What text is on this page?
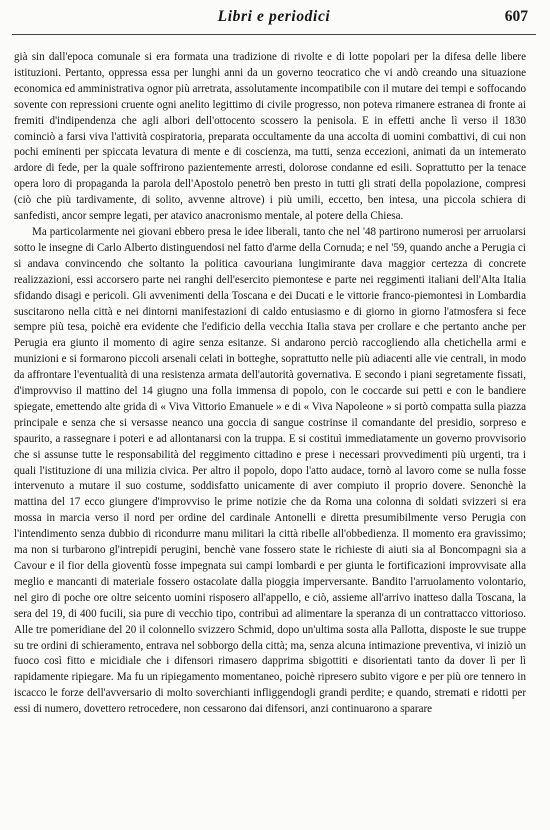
Libri e periodici	607

già sin dall'epoca comunale si era formata una tradizione di rivolte e di lotte popolari per la difesa delle libere istituzioni. Pertanto, oppressa essa per lunghi anni da un governo teocratico che vi andò creando una situazione economica ed amministrativa ognor più arretrata, assolutamente incompatibile con il mutare dei tempi e soffocando sovente con repressioni cruente ogni anelito legittimo di civile progresso, non poteva rimanere estranea di fronte ai fremiti d'indipendenza che agli albori dell'ottocento scossero la penisola. E in effetti anche lì verso il 1830 cominciò a farsi viva l'attività cospiratoria, preparata occultamente da una accolta di uomini combattivi, di cui non pochi eminenti per spiccata levatura di mente e di coscienza, ma tutti, senza eccezioni, animati da un intemerato ardore di fede, per la quale soffrirono pazientemente arresti, dolorose condanne ed esili. Soprattutto per la tenace opera loro di propaganda la parola dell'Apostolo penetrò ben presto in tutti gli strati della popolazione, compresi (ciò che più tardivamente, di solito, avvenne altrove) i più umili, eccetto, ben intesa, una piccola schiera di sanfedisti, ancor sempre legati, per atavico anacronismo mentale, al potere della Chiesa.

Ma particolarmente nei giovani ebbero presa le idee liberali, tanto che nel '48 partirono numerosi per arruolarsi sotto le insegne di Carlo Alberto distinguendosi nel fatto d'arme della Cornuda; e nel '59, quando anche a Perugia ci si andava convincendo che soltanto la politica cavouriana lungimirante dava maggior certezza di concrete realizzazioni, essi accorsero parte nei ranghi dell'esercito piemontese e parte nei reggimenti italiani dell'Alta Italia sfidando disagi e pericoli. Gli avvenimenti della Toscana e dei Ducati e le vittorie franco-piemontesi in Lombardia suscitarono nella città e nei dintorni manifestazioni di caldo entusiasmo e di giorno in giorno l'atmosfera si fece sempre più tesa, poichè era evidente che l'edificio della vecchia Italia stava per crollare e che pertanto anche per Perugia era giunto il momento di agire senza esitanze. Si andarono perciò raccogliendo alla chetichella armi e munizioni e si formarono piccoli arsenali celati in botteghe, soprattutto nelle più adiacenti alle vie centrali, in modo da affrontare l'eventualità di una resistenza armata dell'autorità governativa. E secondo i piani segretamente fissati, d'improvviso il mattino del 14 giugno una folla immensa di popolo, con le coccarde sui petti e con le bandiere spiegate, emettendo alte grida di « Viva Vittorio Emanuele » e di « Viva Napoleone » si portò compatta sulla piazza principale e senza che si versasse neanco una goccia di sangue costrinse il comandante del presidio, sorpreso e spaurito, a rassegnare i poteri e ad allontanarsi con la truppa. E si costituì immediatamente un governo provvisorio che si assunse tutte le responsabilità del reggimento cittadino e prese i necessari provvedimenti più urgenti, tra i quali l'istituzione di una milizia civica. Per altro il popolo, dopo l'atto audace, tornò al lavoro come se nulla fosse intervenuto a mutare il suo costume, soddisfatto unicamente di aver compiuto il proprio dovere. Senonchè la mattina del 17 ecco giungere d'improvviso le prime notizie che da Roma una colonna di soldati svizzeri si era mossa in marcia verso il nord per ordine del cardinale Antonelli e diretta presumibilmente verso Perugia con l'intendimento senza dubbio di ricondurre manu militari la città ribelle all'obbedienza. Il momento era gravissimo; ma non si turbarono gl'intrepidi perugini, benchè vane fossero state le richieste di aiuti sia al Boncompagni sia a Cavour e il fior della gioventù fosse impegnata sui campi lombardi e per giunta le fortificazioni improvvisate alla meglio e mancanti di materiale fossero ostacolate dalla pioggia imperversante. Bandito l'arruolamento volontario, nel giro di poche ore oltre seicento uomini risposero all'appello, e ciò, assieme all'arrivo inatteso dalla Toscana, la sera del 19, di 400 fucili, sia pure di vecchio tipo, contribuì ad alimentare la speranza di un contrattacco vittorioso. Alle tre pomeridiane del 20 il colonnello svizzero Schmid, dopo un'ultima sosta alla Pallotta, disposte le sue truppe su tre ordini di schieramento, entrava nel sobborgo della città; ma, senza alcuna intimazione preventiva, vi iniziò un fuoco così fitto e micidiale che i difensori rimasero dapprima sbigottiti e disorientati tanto da dover lì per lì rapidamente ripiegare. Ma fu un ripiegamento momentaneo, poichè ripresero subito vigore e per più ore tennero in iscacco le forze dell'avversario di molto soverchianti infliggendogli grandi perdite; e quando, stremati e ridotti per essi di numero, dovettero retrocedere, non cessarono dai difensori, anzi continuarono a sparare
